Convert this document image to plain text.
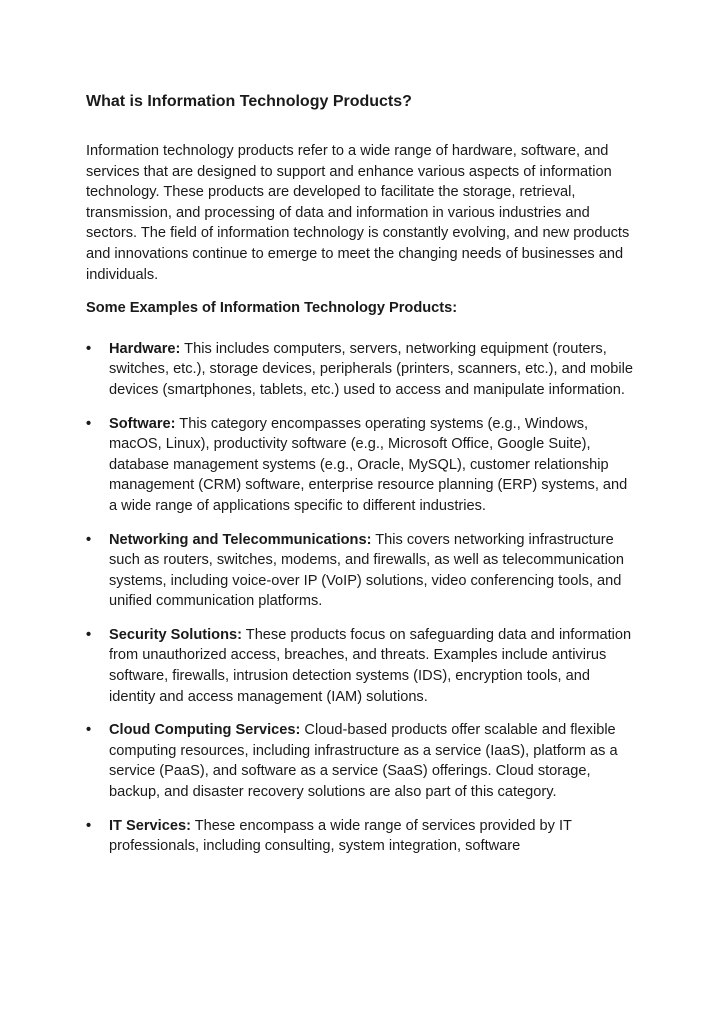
What is Information Technology Products?

Information technology products refer to a wide range of hardware, software, and services that are designed to support and enhance various aspects of information technology. These products are developed to facilitate the storage, retrieval, transmission, and processing of data and information in various industries and sectors. The field of information technology is constantly evolving, and new products and innovations continue to emerge to meet the changing needs of businesses and individuals.

Some Examples of Information Technology Products:

• Hardware: This includes computers, servers, networking equipment (routers, switches, etc.), storage devices, peripherals (printers, scanners, etc.), and mobile devices (smartphones, tablets, etc.) used to access and manipulate information.
• Software: This category encompasses operating systems (e.g., Windows, macOS, Linux), productivity software (e.g., Microsoft Office, Google Suite), database management systems (e.g., Oracle, MySQL), customer relationship management (CRM) software, enterprise resource planning (ERP) systems, and a wide range of applications specific to different industries.
• Networking and Telecommunications: This covers networking infrastructure such as routers, switches, modems, and firewalls, as well as telecommunication systems, including voice-over IP (VoIP) solutions, video conferencing tools, and unified communication platforms.
• Security Solutions: These products focus on safeguarding data and information from unauthorized access, breaches, and threats. Examples include antivirus software, firewalls, intrusion detection systems (IDS), encryption tools, and identity and access management (IAM) solutions.
• Cloud Computing Services: Cloud-based products offer scalable and flexible computing resources, including infrastructure as a service (IaaS), platform as a service (PaaS), and software as a service (SaaS) offerings. Cloud storage, backup, and disaster recovery solutions are also part of this category.
• IT Services: These encompass a wide range of services provided by IT professionals, including consulting, system integration, software
